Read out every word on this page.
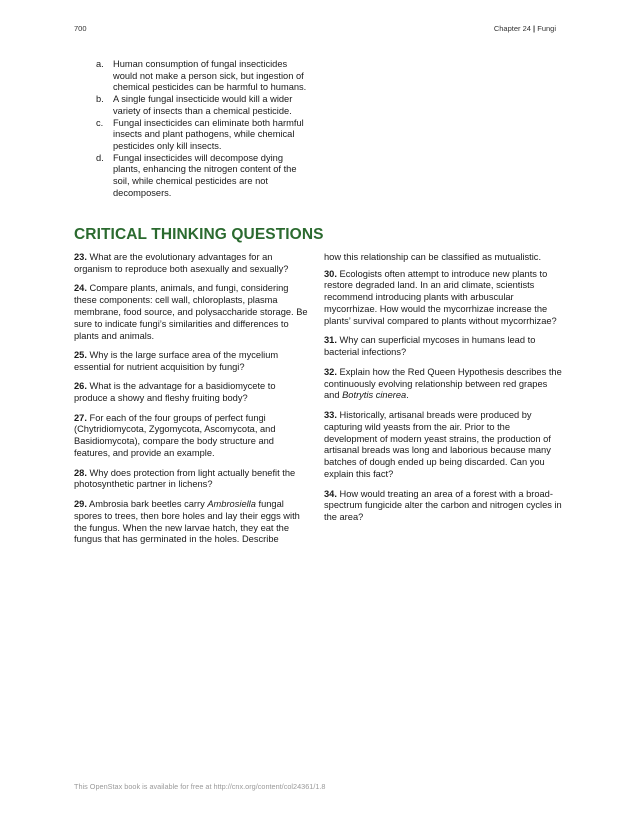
700	Chapter 24 | Fungi
a. Human consumption of fungal insecticides would not make a person sick, but ingestion of chemical pesticides can be harmful to humans.
b. A single fungal insecticide would kill a wider variety of insects than a chemical pesticide.
c.	Fungal insecticides can eliminate both harmful insects and plant pathogens, while chemical pesticides only kill insects.
d. Fungal insecticides will decompose dying plants, enhancing the nitrogen content of the soil, while chemical pesticides are not decomposers.
CRITICAL THINKING QUESTIONS

23. What are the evolutionary advantages for an organism to reproduce both asexually and sexually?

24. Compare plants, animals, and fungi, considering these components: cell wall, chloroplasts, plasma membrane, food source, and polysaccharide storage. Be sure to indicate fungi’s similarities and differences to plants and animals.

25. Why is the large surface area of the mycelium essential for nutrient acquisition by fungi?

26. What is the advantage for a basidiomycete to produce a showy and fleshy fruiting body?

27. For each of the four groups of perfect fungi (Chytridiomycota, Zygomycota, Ascomycota, and Basidiomycota), compare the body structure and features, and provide an example.

28. Why does protection from light actually benefit the photosynthetic partner in lichens?

29. Ambrosia bark beetles carry Ambrosiella fungal spores to trees, then bore holes and lay their eggs with the fungus. When the new larvae hatch, they eat the fungus that has germinated in the holes. Describe

how this relationship can be classified as mutualistic.

30. Ecologists often attempt to introduce new plants to restore degraded land. In an arid climate, scientists recommend introducing plants with arbuscular mycorrhizae. How would the mycorrhizae increase the plants’ survival compared to plants without mycorrhizae?

31. Why can superficial mycoses in humans lead to bacterial infections?

32. Explain how the Red Queen Hypothesis describes the continuously evolving relationship between red grapes and Botrytis cinerea.

33. Historically, artisanal breads were produced by capturing wild yeasts from the air. Prior to the development of modern yeast strains, the production of artisanal breads was long and laborious because many batches of dough ended up being discarded. Can you explain this fact?

34. How would treating an area of a forest with a broad-spectrum fungicide alter the carbon and nitrogen cycles in the area?

This OpenStax book is available for free at http://cnx.org/content/col24361/1.8
